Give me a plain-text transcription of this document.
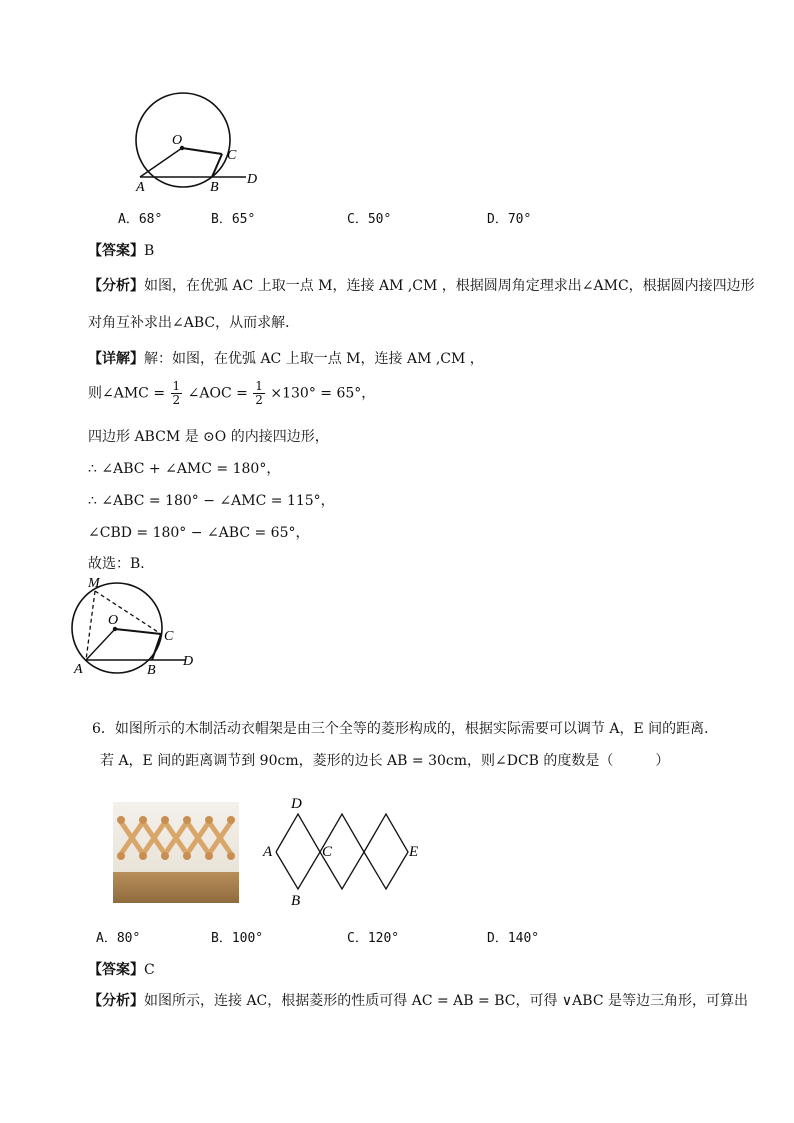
O
C
A	B
D
A．68°	B．65°	C．50°	D．70°
【答案】B
【分析】如图，在优弧 AC 上取一点 M，连接 AM ,CM ，根据圆周角定理求出∠AMC，根据圆内接四边形
对角互补求出∠ABC，从而求解．
【详解】解：如图，在优弧 AC 上取一点 M，连接 AM ,CM ，
则∠AMC = $\frac{1}{2}$ ∠AOC = $\frac{1}{2} \times 130^\circ = 65^\circ$，
四边形 ABCM 是 ⊙O 的内接四边形，
∴ ∠ABC + ∠AMC = 180°，
∴ ∠ABC = 180° − ∠AMC = 115°，
∠CBD = 180° − ∠ABC = 65°，
故选：B．
M
O
C
A	B
D
6．如图所示的木制活动衣帽架是由三个全等的菱形构成的，根据实际需要可以调节 A，E 间的距离．
若 A，E 间的距离调节到 90cm，菱形的边长 AB = 30cm，则∠DCB 的度数是（　　　）
D
A	C	E
B
A．80°	B．100°	C．120°	D．140°
【答案】C
【分析】如图所示，连接 AC，根据菱形的性质可得 AC = AB = BC，可得 ∨ABC 是等边三角形，可算出
